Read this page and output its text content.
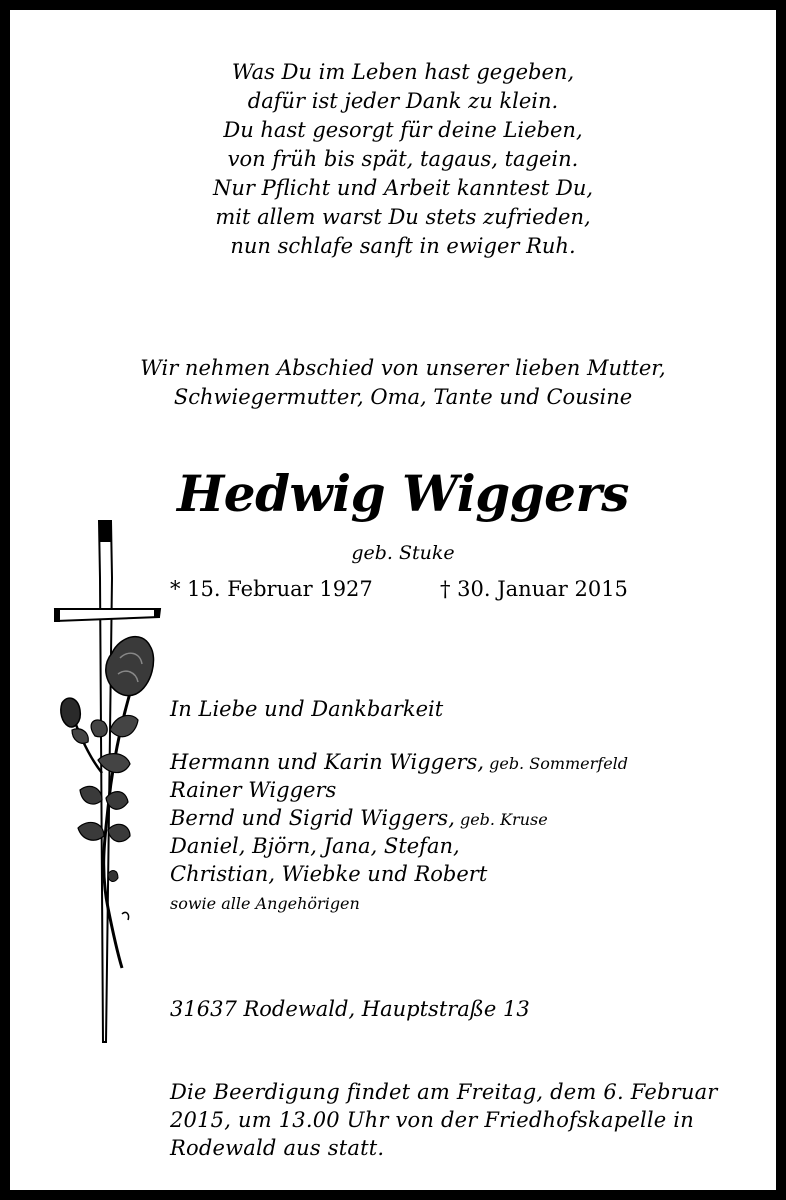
Was Du im Leben hast gegeben,
dafür ist jeder Dank zu klein.
Du hast gesorgt für deine Lieben,
von früh bis spät, tagaus, tagein.
Nur Pflicht und Arbeit kanntest Du,
mit allem warst Du stets zufrieden,
nun schlafe sanft in ewiger Ruh.
Wir nehmen Abschied von unserer lieben Mutter,
Schwiegermutter, Oma, Tante und Cousine
Hedwig Wiggers
geb. Stuke
* 15. Februar 1927	† 30. Januar 2015
In Liebe und Dankbarkeit
Hermann und Karin Wiggers, geb. Sommerfeld
Rainer Wiggers
Bernd und Sigrid Wiggers, geb. Kruse
Daniel, Björn, Jana, Stefan,
Christian, Wiebke und Robert
sowie alle Angehörigen
31637 Rodewald, Hauptstraße 13
Die Beerdigung findet am Freitag, dem 6. Februar
2015, um 13.00 Uhr von der Friedhofskapelle in
Rodewald aus statt.
